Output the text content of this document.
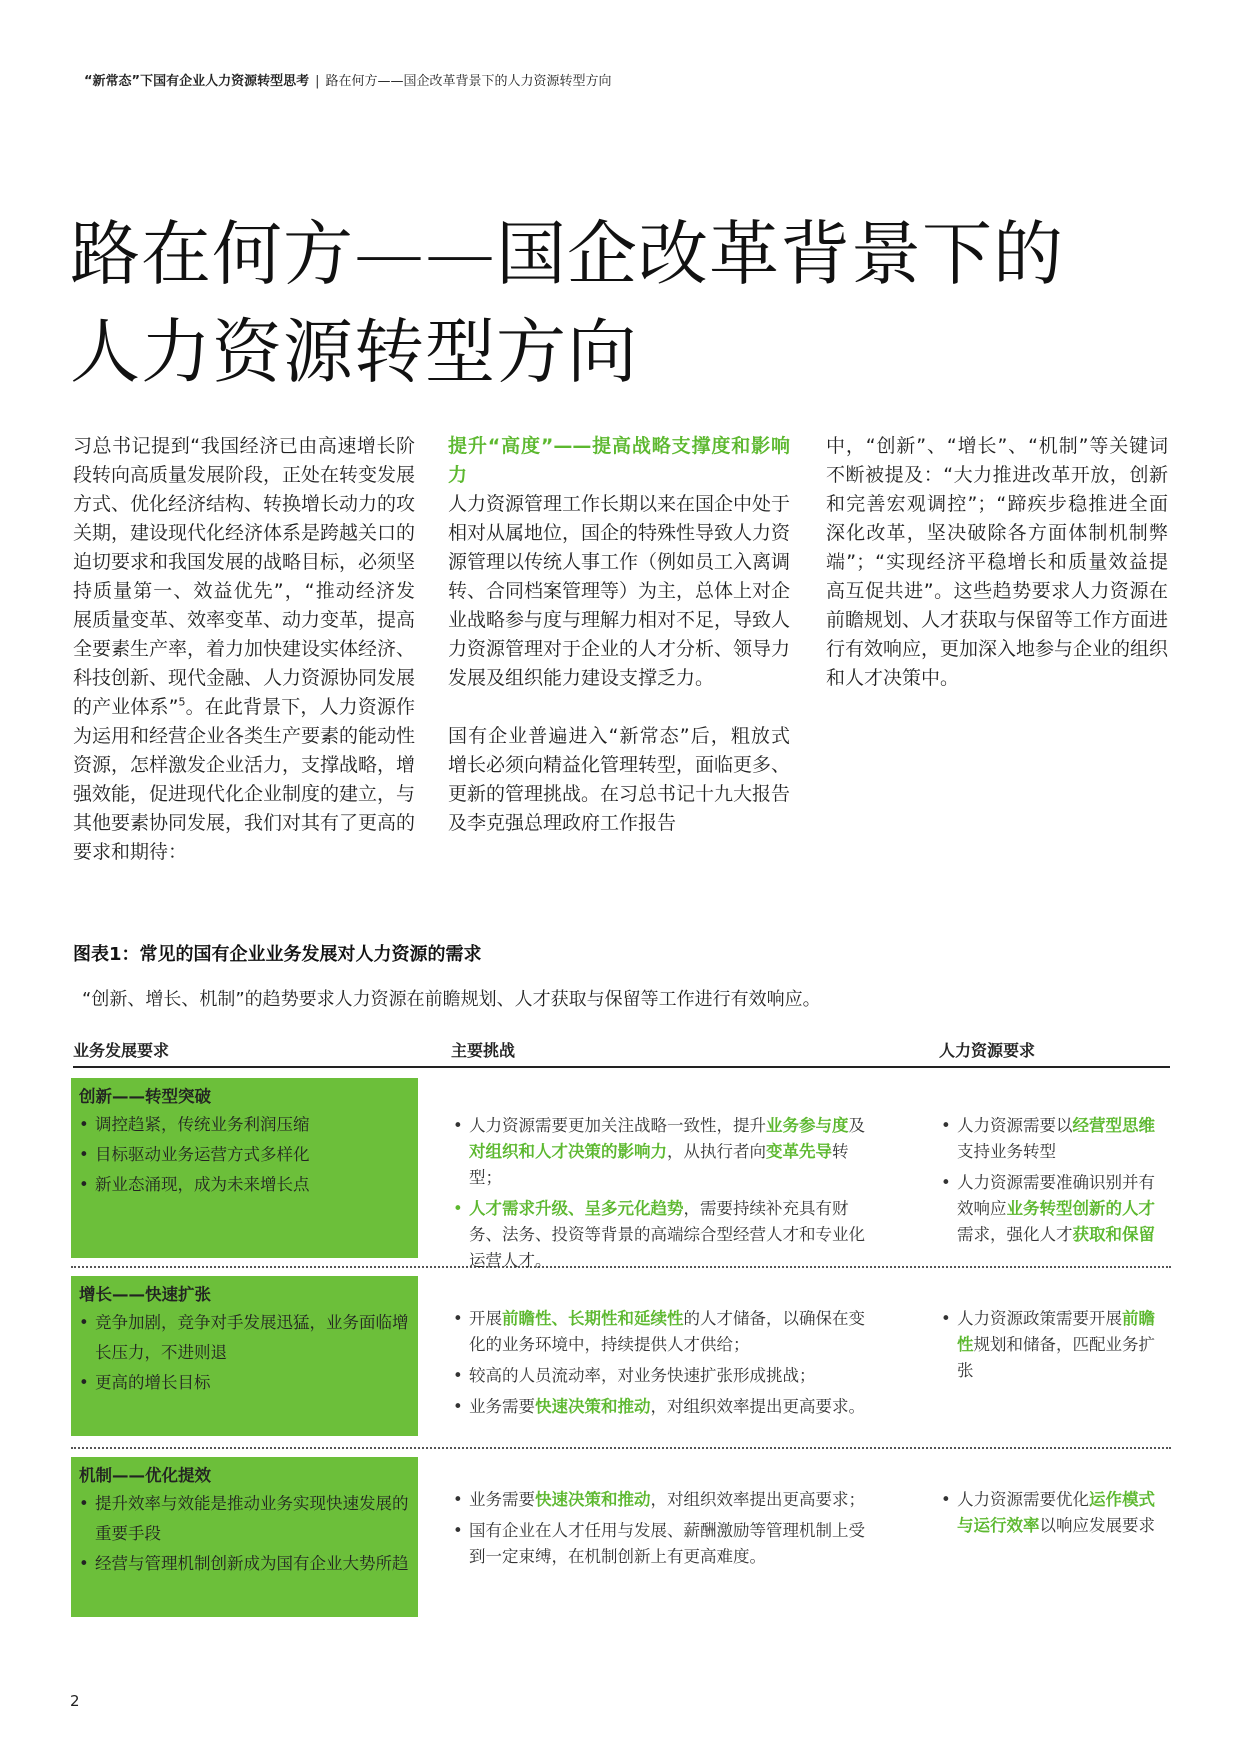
“新常态”下国有企业人力资源转型思考 | 路在何方——国企改革背景下的人力资源转型方向
路在何方——国企改革背景下的
人力资源转型方向

习总书记提到“我国经济已由高速增长阶段转向高质量发展阶段，正处在转变发展方式、优化经济结构、转换增长动力的攻关期，建设现代化经济体系是跨越关口的迫切要求和我国发展的战略目标，必须坚持质量第一、效益优先”，“推动经济发展质量变革、效率变革、动力变革，提高全要素生产率，着力加快建设实体经济、科技创新、现代金融、人力资源协同发展的产业体系”$^5$。在此背景下，人力资源作为运用和经营企业各类生产要素的能动性资源，怎样激发企业活力，支撑战略，增强效能，促进现代化企业制度的建立，与其他要素协同发展，我们对其有了更高的要求和期待：

提升“高度”——提高战略支撑度和影响力

人力资源管理工作长期以来在国企中处于相对从属地位，国企的特殊性导致人力资源管理以传统人事工作（例如员工入离调转、合同档案管理等）为主，总体上对企业战略参与度与理解力相对不足，导致人力资源管理对于企业的人才分析、领导力发展及组织能力建设支撑乏力。

国有企业普遍进入“新常态”后，粗放式增长必须向精益化管理转型，面临更多、更新的管理挑战。在习总书记十九大报告及李克强总理政府工作报告

中，“创新”、“增长”、“机制”等关键词不断被提及：“大力推进改革开放，创新和完善宏观调控”；“蹄疾步稳推进全面深化改革，坚决破除各方面体制机制弊端”；“实现经济平稳增长和质量效益提高互促共进”。这些趋势要求人力资源在前瞻规划、人才获取与保留等工作方面进行有效响应，更加深入地参与企业的组织和人才决策中。

图表1：常见的国有企业业务发展对人力资源的需求
“创新、增长、机制”的趋势要求人力资源在前瞻规划、人才获取与保留等工作进行有效响应。
业务发展要求	主要挑战	人力资源要求
创新——转型突破
• 调控趋紧，传统业务利润压缩
• 目标驱动业务运营方式多样化
• 新业态涌现，成为未来增长点
• 人力资源需要更加关注战略一致性，提升业务参与度及对组织和人才决策的影响力，从执行者向变革先导转型；
• 人才需求升级、呈多元化趋势，需要持续补充具有财务、法务、投资等背景的高端综合型经营人才和专业化运营人才。
• 人力资源需要以经营型思维支持业务转型
• 人力资源需要准确识别并有效响应业务转型创新的人才需求，强化人才获取和保留
增长——快速扩张
• 竞争加剧，竞争对手发展迅猛，业务面临增长压力，不进则退
• 更高的增长目标
• 开展前瞻性、长期性和延续性的人才储备，以确保在变化的业务环境中，持续提供人才供给；
• 较高的人员流动率，对业务快速扩张形成挑战；
• 业务需要快速决策和推动，对组织效率提出更高要求。
• 人力资源政策需要开展前瞻性规划和储备，匹配业务扩张
机制——优化提效
• 提升效率与效能是推动业务实现快速发展的重要手段
• 经营与管理机制创新成为国有企业大势所趋
• 业务需要快速决策和推动，对组织效率提出更高要求；
• 国有企业在人才任用与发展、薪酬激励等管理机制上受到一定束缚，在机制创新上有更高难度。
• 人力资源需要优化运作模式与运行效率以响应发展要求
2
